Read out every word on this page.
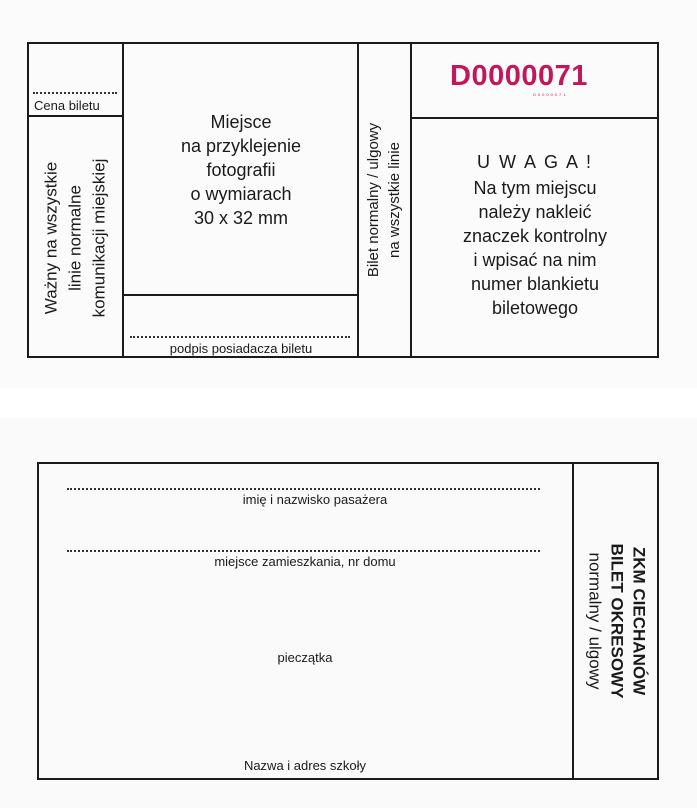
Cena biletu
Ważny na wszystkie linie normalne komunikacji miejskiej
Miejsce
na przyklejenie
fotografii
o wymiarach
30 x 32 mm
podpis posiadacza biletu
Bilet normalny / ulgowy na wszystkie linie
D0000071
D0000071
U W A G A !
Na tym miejscu
należy nakleić
znaczek kontrolny
i wpisać na nim
numer blankietu
biletowego
imię i nazwisko pasażera
miejsce zamieszkania, nr domu
pieczątka
Nazwa i adres szkoły
ZKM CIECHANÓW
BILET OKRESOWY
normalny / ulgowy
